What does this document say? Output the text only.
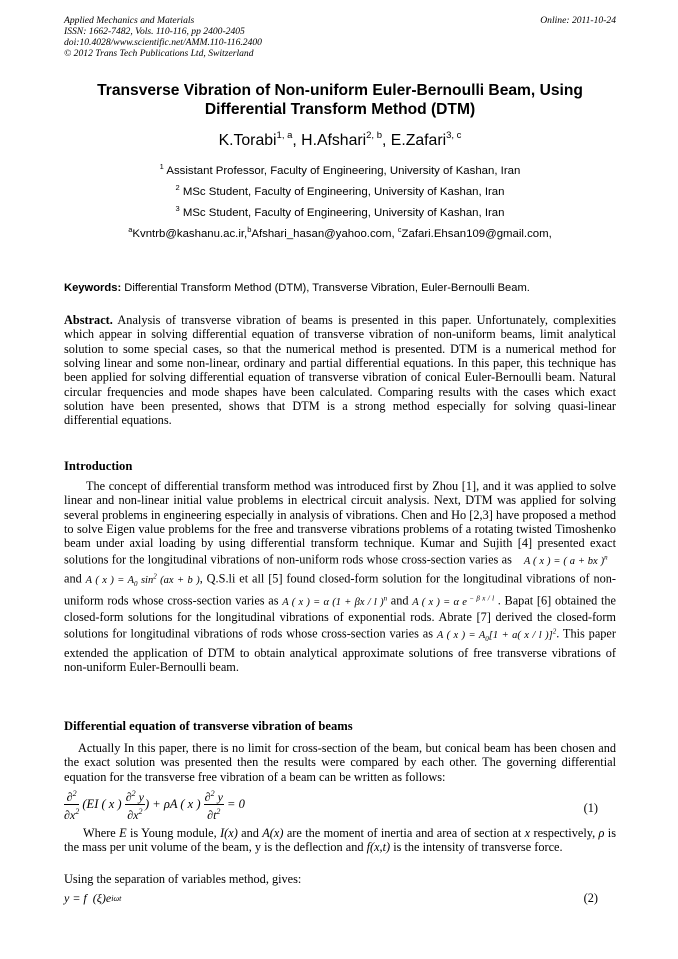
Applied Mechanics and Materials
ISSN: 1662-7482, Vols. 110-116, pp 2400-2405
doi:10.4028/www.scientific.net/AMM.110-116.2400
© 2012 Trans Tech Publications Ltd, Switzerland
Online: 2011-10-24
Transverse Vibration of Non-uniform Euler-Bernoulli Beam, Using
Differential Transform Method (DTM)
K.Torabi$^{1, a}$, H.Afshari$^{2, b}$, E.Zafari$^{3, c}$
$^1$ Assistant Professor, Faculty of Engineering, University of Kashan, Iran
$^2$ MSc Student, Faculty of Engineering, University of Kashan, Iran
$^3$ MSc Student, Faculty of Engineering, University of Kashan, Iran
$^a$Kvntrb@kashanu.ac.ir,$^b$Afshari_hasan@yahoo.com, $^c$Zafari.Ehsan109@gmail.com,
Keywords: Differential Transform Method (DTM), Transverse Vibration, Euler-Bernoulli Beam.
Abstract. Analysis of transverse vibration of beams is presented in this paper. Unfortunately, complexities which appear in solving differential equation of transverse vibration of non-uniform beams, limit analytical solution to some special cases, so that the numerical method is presented. DTM is a numerical method for solving linear and some non-linear, ordinary and partial differential equations. In this paper, this technique has been applied for solving differential equation of transverse vibration of conical Euler-Bernoulli beam. Natural circular frequencies and mode shapes have been calculated. Comparing results with the cases which exact solution have been presented, shows that DTM is a strong method especially for solving quasi-linear differential equations.
Introduction
The concept of differential transform method was introduced first by Zhou [1], and it was applied to solve linear and non-linear initial value problems in electrical circuit analysis. Next, DTM was applied for solving several problems in engineering especially in analysis of vibrations. Chen and Ho [2,3] have proposed a method to solve Eigen value problems for the free and transverse vibrations problems of a rotating twisted Timoshenko beam under axial loading by using differential transform technique. Kumar and Sujith [4] presented exact solutions for the longitudinal vibrations of non-uniform rods whose cross-section varies as    A ( x ) = ( a + bx )$^n$    and A ( x ) = $A_0$ $\sin^2 (ax + b$ ), Q.S.li et all [5] found closed-form solution for the longitudinal vibrations of non-uniform rods whose cross-section varies as A ( x ) = α (1 + βx / l )$^n$ and A ( x ) = α e $^{- \beta x / l}$ . Bapat [6] obtained the closed-form solutions for the longitudinal vibrations of exponential rods. Abrate [7] derived the closed-form solutions for longitudinal vibrations of rods whose cross-section varies as A ( x ) = $A_0[1 + a$( x / l )]$^2$. This paper extended the application of DTM to obtain analytical approximate solutions of free transverse vibrations of non-uniform Euler-Bernoulli beam.
Differential equation of transverse vibration of beams
Actually In this paper, there is no limit for cross-section of the beam, but conical beam has been chosen and the exact solution was presented then the results were compared by each other. The governing differential equation for the transverse free vibration of a beam can be written as follows:
$\frac{\partial^2}{\partial x^2} (EI$ ( x ) $\frac{\partial^2 y}{\partial x^2}$ ) + ρA ( x ) $\frac{\partial^2 y}{\partial t^2} = 0$	(1)
Where E is Young module, I(x) and A(x) are the moment of inertia and area of section at x respectively, ρ is the mass per unit volume of the beam, y is the deflection and f(x,t) is the intensity of transverse force.
Using the separation of variables method, gives:
y = f  (ξ)e iωt	(2)
